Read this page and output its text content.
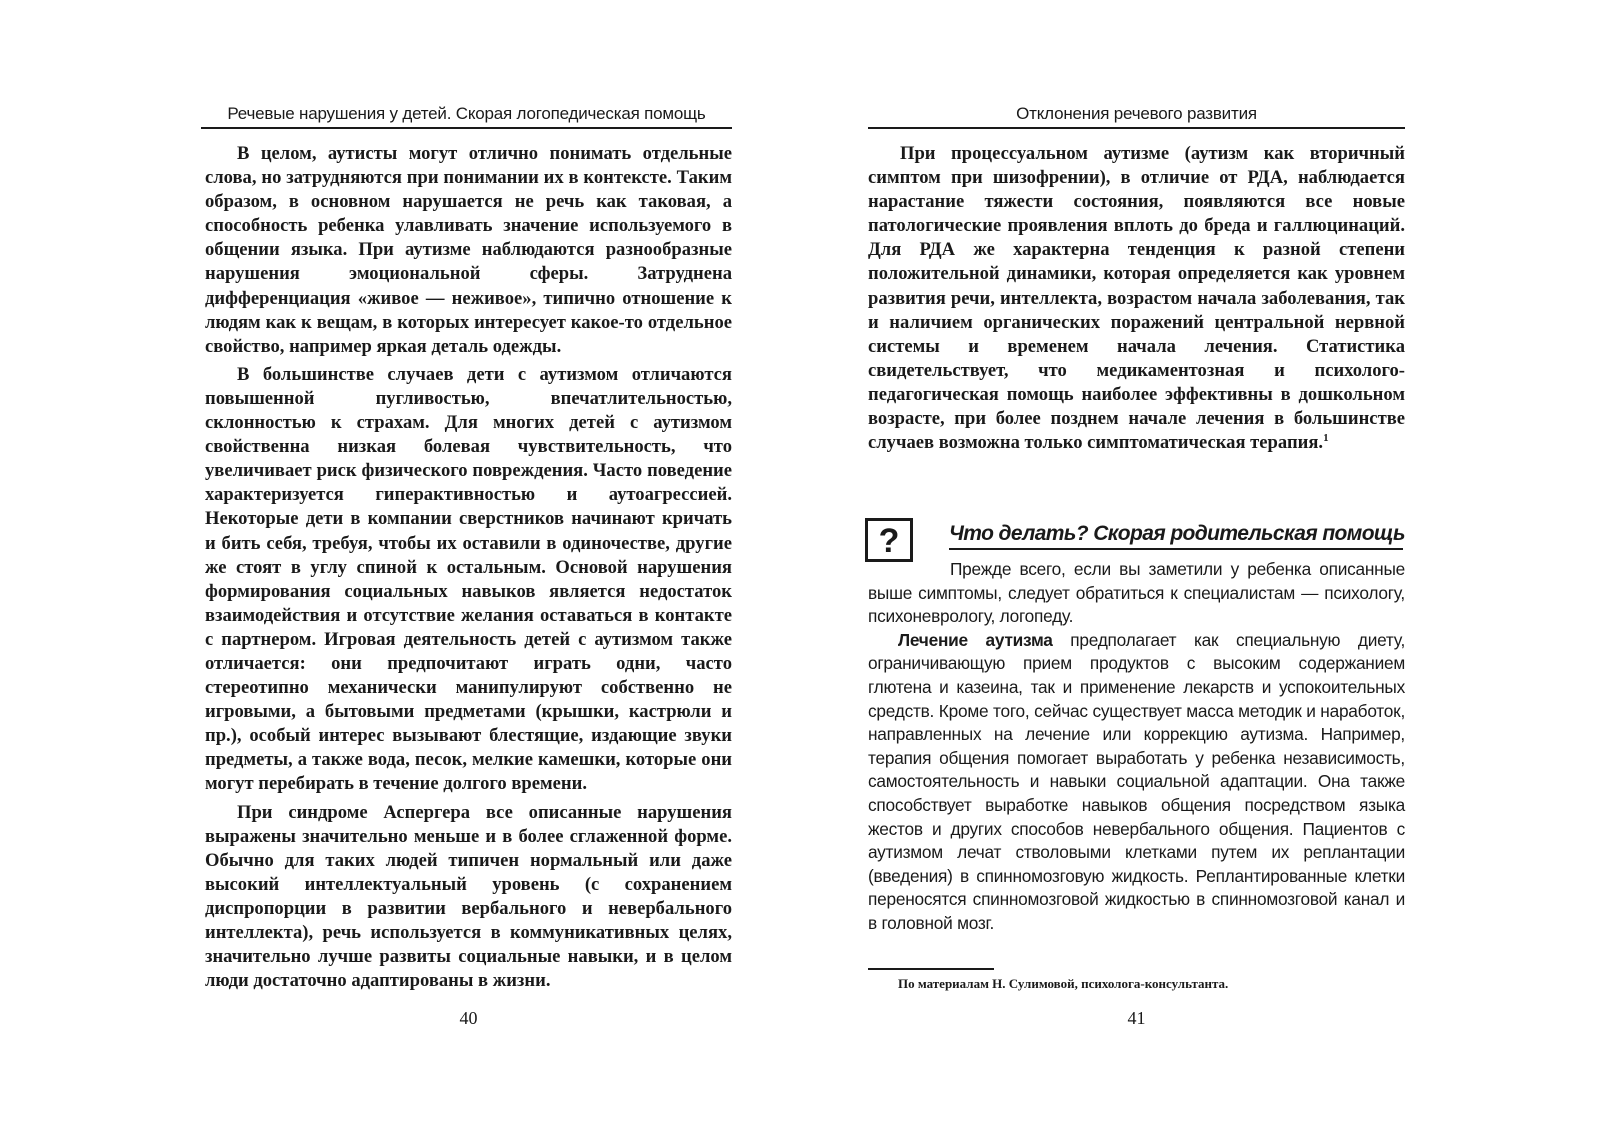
Речевые нарушения у детей. Скорая логопедическая помощь

В целом, аутисты могут отлично понимать отдельные слова, но затрудняются при понимании их в контексте. Таким образом, в основном нарушается не речь как таковая, а способность ребенка улавливать значение используемого в общении языка. При аутизме наблюдаются разнообразные нарушения эмоциональной сферы. Затруднена дифференциация «живое — неживое», типично отношение к людям как к вещам, в которых интересует какое-то отдельное свойство, например яркая деталь одежды.

В большинстве случаев дети с аутизмом отличаются повышенной пугливостью, впечатлительностью, склонностью к страхам. Для многих детей с аутизмом свойственна низкая болевая чувствительность, что увеличивает риск физического повреждения. Часто поведение характеризуется гиперактивностью и аутоагрессией. Некоторые дети в компании сверстников начинают кричать и бить себя, требуя, чтобы их оставили в одиночестве, другие же стоят в углу спиной к остальным. Основой нарушения формирования социальных навыков является недостаток взаимодействия и отсутствие желания оставаться в контакте с партнером. Игровая деятельность детей с аутизмом также отличается: они предпочитают играть одни, часто стереотипно механически манипулируют собственно не игровыми, а бытовыми предметами (крышки, кастрюли и пр.), особый интерес вызывают блестящие, издающие звуки предметы, а также вода, песок, мелкие камешки, которые они могут перебирать в течение долгого времени.

При синдроме Аспергера все описанные нарушения выражены значительно меньше и в более сглаженной форме. Обычно для таких людей типичен нормальный или даже высокий интеллектуальный уровень (с сохранением диспропорции в развитии вербального и невербального интеллекта), речь используется в коммуникативных целях, значительно лучше развиты социальные навыки, и в целом люди достаточно адаптированы в жизни.

40
Отклонения речевого развития

При процессуальном аутизме (аутизм как вторичный симптом при шизофрении), в отличие от РДА, наблюдается нарастание тяжести состояния, появляются все новые патологические проявления вплоть до бреда и галлюцинаций. Для РДА же характерна тенденция к разной степени положительной динамики, которая определяется как уровнем развития речи, интеллекта, возрастом начала заболевания, так и наличием органических поражений центральной нервной системы и временем начала лечения. Статистика свидетельствует, что медикаментозная и психолого-педагогическая помощь наиболее эффективны в дошкольном возрасте, при более позднем начале лечения в большинстве случаев возможна только симптоматическая терапия.$^1$

?	Что делать? Скорая родительская помощь

Прежде всего, если вы заметили у ребенка описанные выше симптомы, следует обратиться к специалистам — психологу, психоневрологу, логопеду.

Лечение аутизма предполагает как специальную диету, ограничивающую прием продуктов с высоким содержанием глютена и казеина, так и применение лекарств и успокоительных средств. Кроме того, сейчас существует масса методик и наработок, направленных на лечение или коррекцию аутизма. Например, терапия общения помогает выработать у ребенка независимость, самостоятельность и навыки социальной адаптации. Она также способствует выработке навыков общения посредством языка жестов и других способов невербального общения. Пациентов с аутизмом лечат стволовыми клетками путем их реплантации (введения) в спинномозговую жидкость. Реплантированные клетки переносятся спинномозговой жидкостью в спинномозговой канал и в головной мозг.

По материалам Н. Сулимовой, психолога-консультанта.
41
